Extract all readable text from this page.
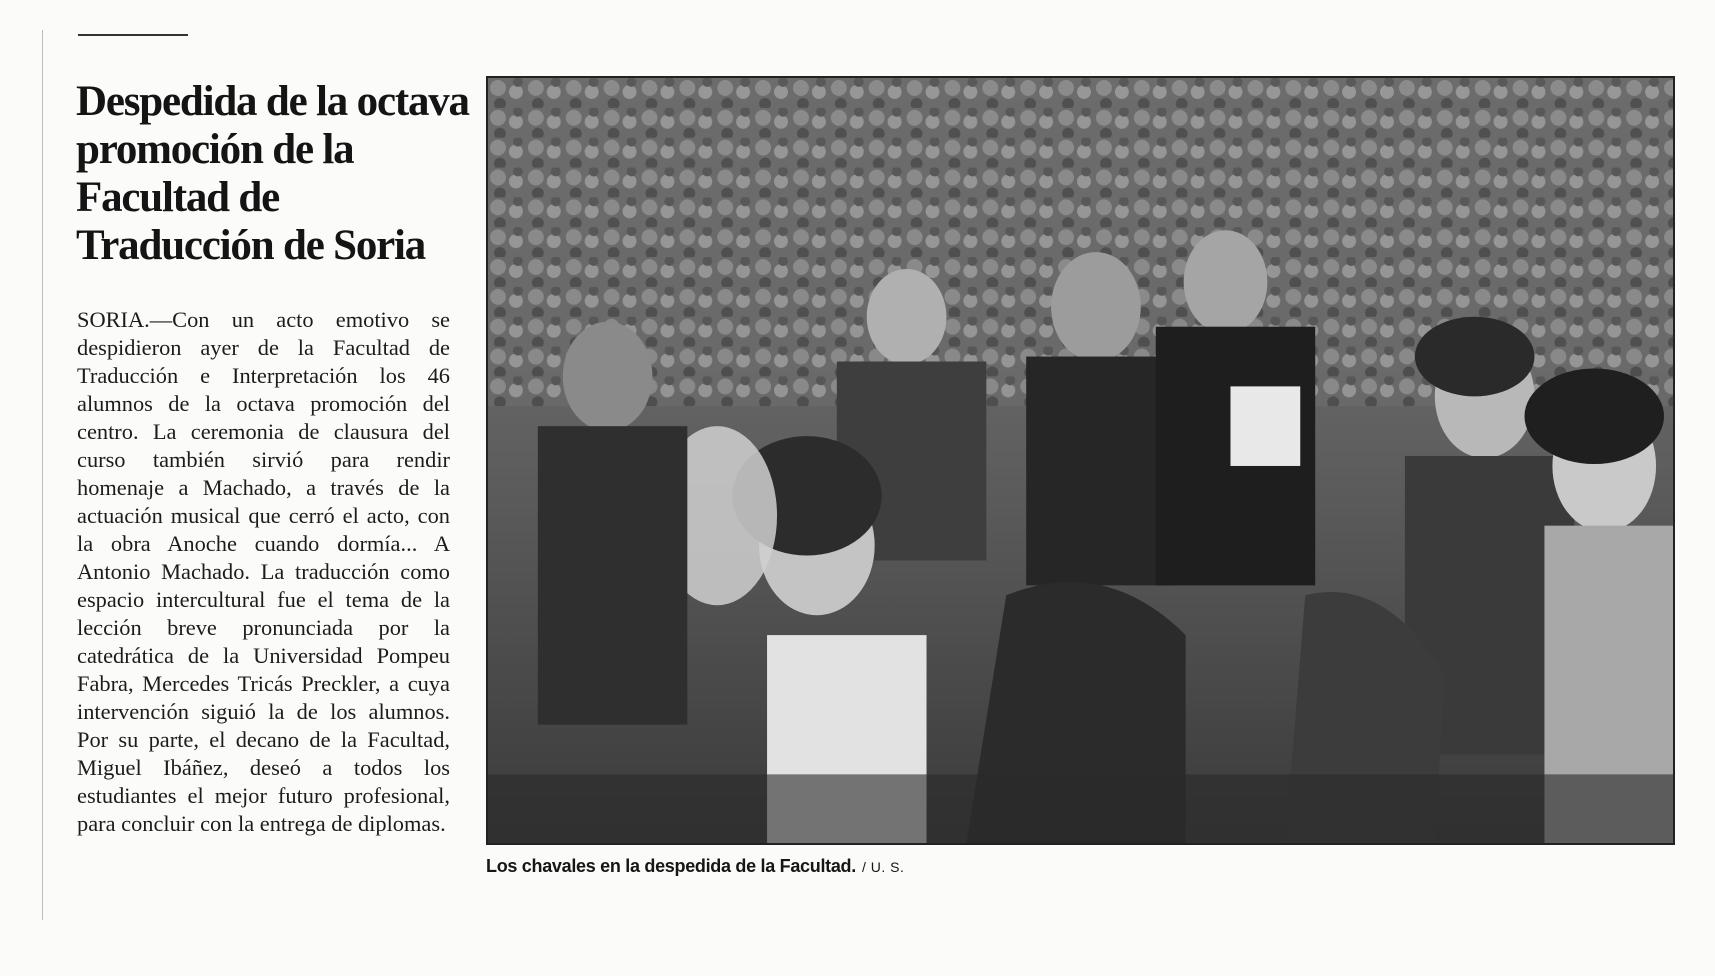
Despedida de la octava promoción de la Facultad de Traducción de Soria

SORIA.—Con un acto emotivo se despidieron ayer de la Facultad de Traducción e Interpretación los 46 alumnos de la octava promoción del centro. La ceremonia de clausura del curso también sirvió para rendir homenaje a Machado, a través de la actuación musical que cerró el acto, con la obra Anoche cuando dormía... A Antonio Machado. La traducción como espacio intercultural fue el tema de la lección breve pronunciada por la catedrática de la Universidad Pompeu Fabra, Mercedes Tricás Preckler, a cuya intervención siguió la de los alumnos. Por su parte, el decano de la Facultad, Miguel Ibáñez, deseó a todos los estudiantes el mejor futuro profesional, para concluir con la entrega de diplomas.

Los chavales en la despedida de la Facultad. / U. S.
